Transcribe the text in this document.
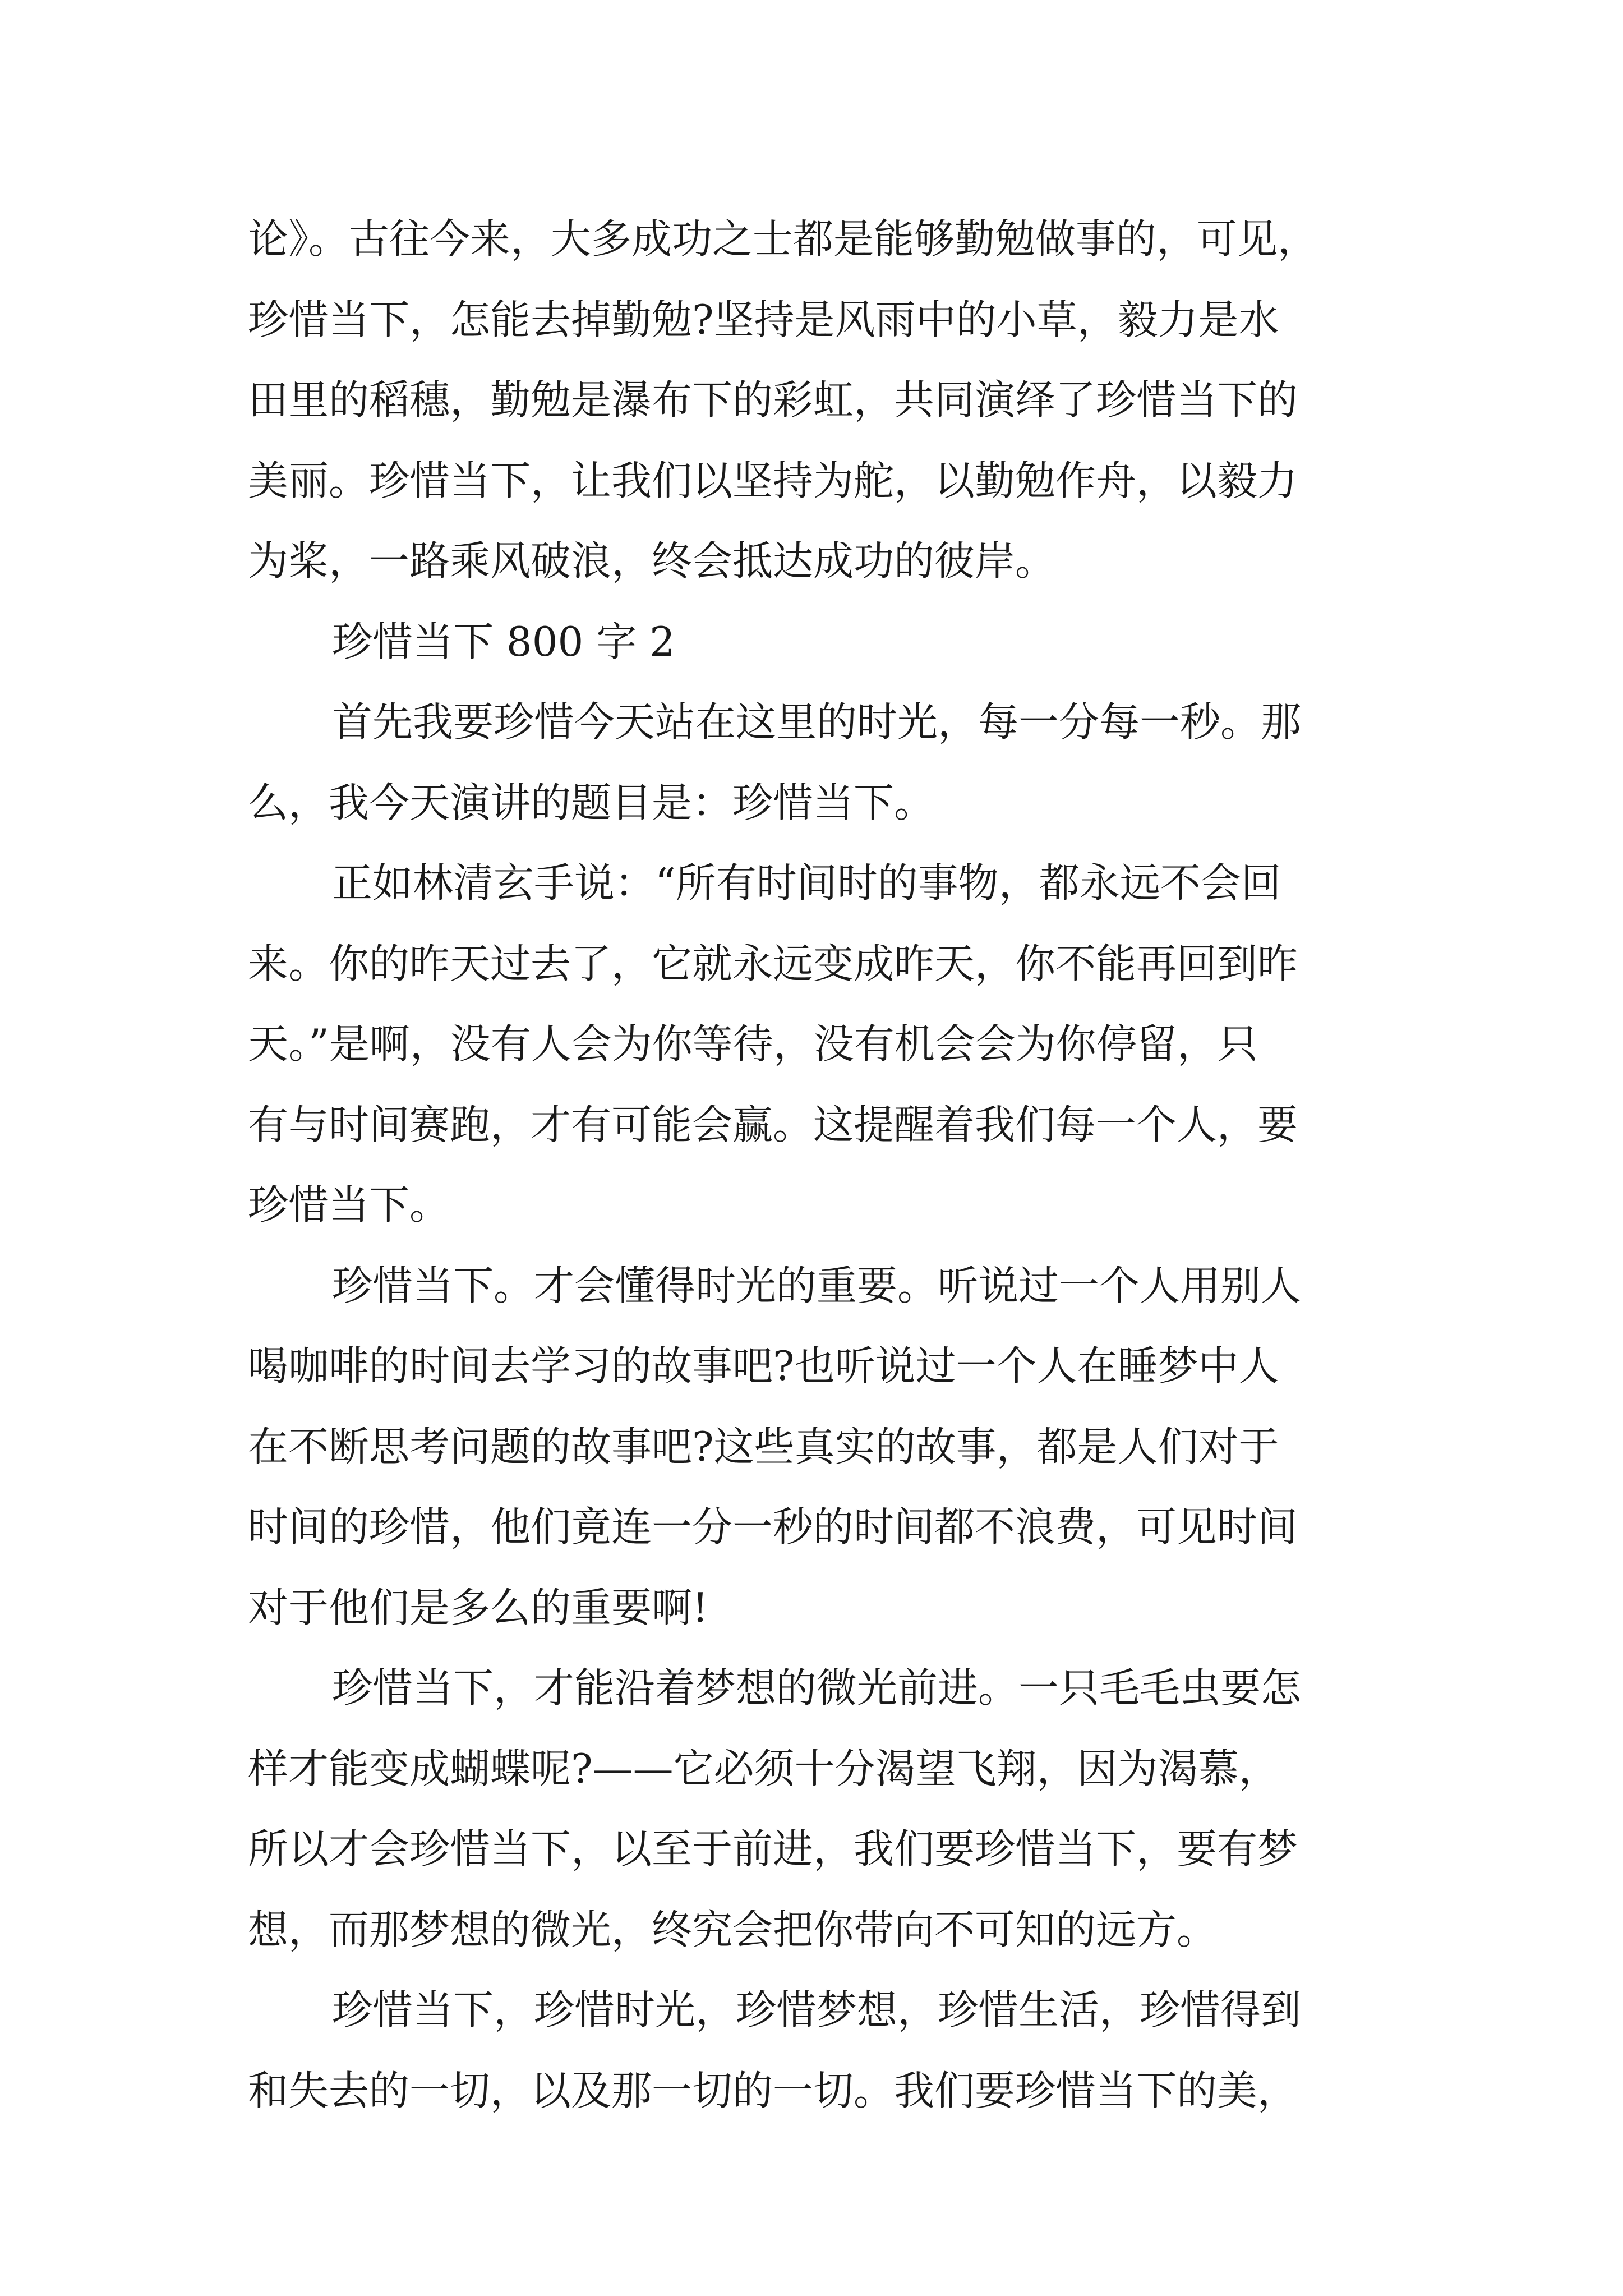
论》。古往今来，大多成功之士都是能够勤勉做事的，可见，
珍惜当下，怎能去掉勤勉?坚持是风雨中的小草，毅力是水
田里的稻穗，勤勉是瀑布下的彩虹，共同演绎了珍惜当下的
美丽。珍惜当下，让我们以坚持为舵，以勤勉作舟，以毅力
为桨，一路乘风破浪，终会抵达成功的彼岸。
珍惜当下 800 字 2
首先我要珍惜今天站在这里的时光，每一分每一秒。那
么，我今天演讲的题目是：珍惜当下。
正如林清玄手说：“所有时间时的事物，都永远不会回
来。你的昨天过去了，它就永远变成昨天，你不能再回到昨
天。”是啊，没有人会为你等待，没有机会会为你停留，只
有与时间赛跑，才有可能会赢。这提醒着我们每一个人，要
珍惜当下。
珍惜当下。才会懂得时光的重要。听说过一个人用别人
喝咖啡的时间去学习的故事吧?也听说过一个人在睡梦中人
在不断思考问题的故事吧?这些真实的故事，都是人们对于
时间的珍惜，他们竟连一分一秒的时间都不浪费，可见时间
对于他们是多么的重要啊!
珍惜当下，才能沿着梦想的微光前进。一只毛毛虫要怎
样才能变成蝴蝶呢?——它必须十分渴望飞翔，因为渴慕，
所以才会珍惜当下，以至于前进，我们要珍惜当下，要有梦
想，而那梦想的微光，终究会把你带向不可知的远方。
珍惜当下，珍惜时光，珍惜梦想，珍惜生活，珍惜得到
和失去的一切，以及那一切的一切。我们要珍惜当下的美，
